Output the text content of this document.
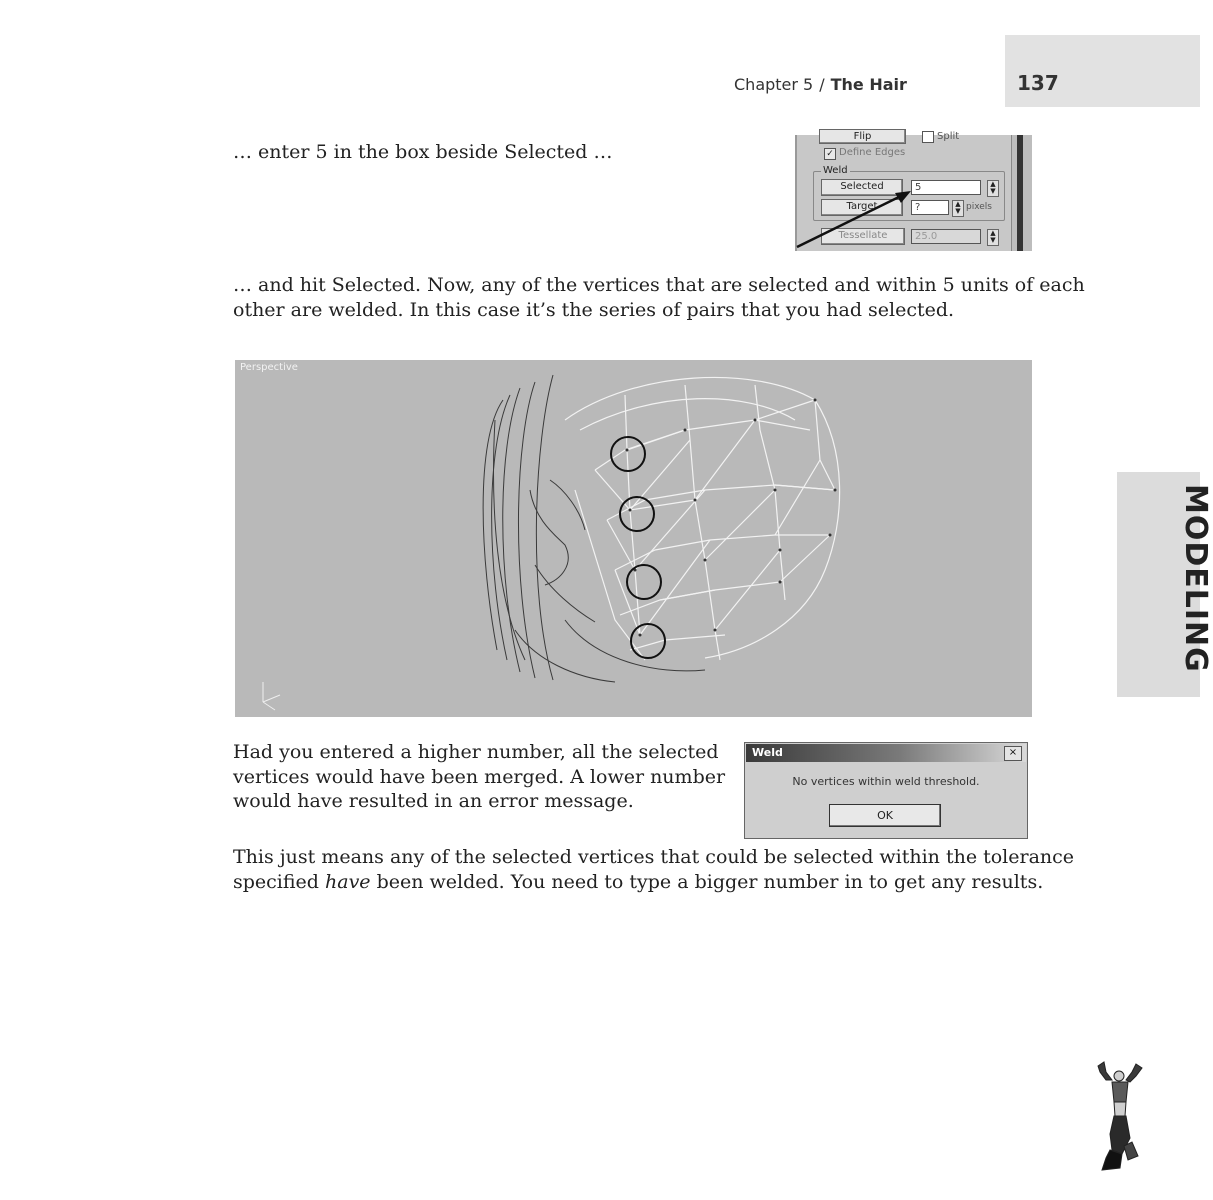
137
Chapter 5 / The Hair

… enter 5 in the box beside Selected …

… and hit Selected. Now, any of the vertices that are selected and within 5 units of each other are welded. In this case it’s the series of pairs that you had selected.

Had you entered a higher number, all the selected vertices would have been merged. A lower number would have resulted in an error message.

This just means any of the selected vertices that could be selected within the tolerance specified have been welded. You need to type a bigger number in to get any results.

Flip	Split
✓ Define Edges
Weld
Selected	5	▲
▼
Target	?	▲
▼ pixels
Tessellate	25.0	▲
▼
Perspective
Weld	×
No vertices within weld threshold.
OK
MODELING
